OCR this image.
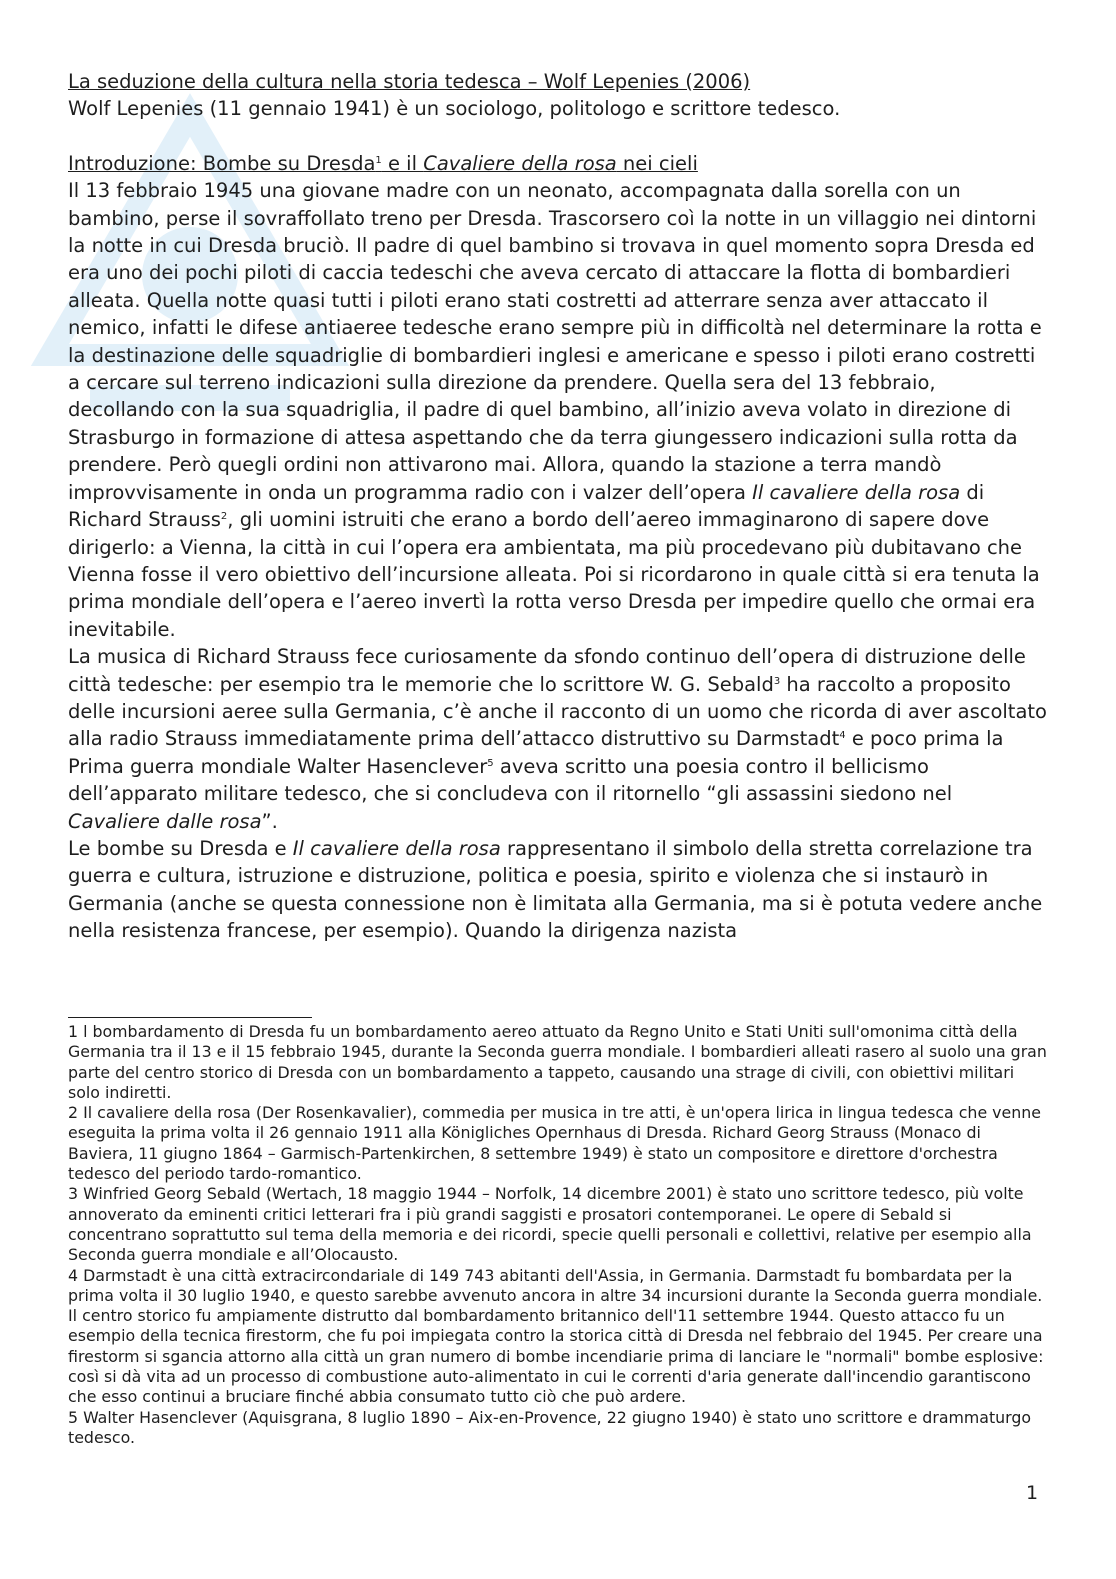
La seduzione della cultura nella storia tedesca – Wolf Lepenies (2006)

Wolf Lepenies (11 gennaio 1941) è un sociologo, politologo e scrittore tedesco.

Introduzione: Bombe su Dresda$^1$ e il Cavaliere della rosa nei cieli

Il 13 febbraio 1945 una giovane madre con un neonato, accompagnata dalla sorella con un bambino, perse il sovraffollato treno per Dresda. Trascorsero coì la notte in un villaggio nei dintorni la notte in cui Dresda bruciò. Il padre di quel bambino si trovava in quel momento sopra Dresda ed era uno dei pochi piloti di caccia tedeschi che aveva cercato di attaccare la flotta di bombardieri alleata. Quella notte quasi tutti i piloti erano stati costretti ad atterrare senza aver attaccato il nemico, infatti le difese antiaeree tedesche erano sempre più in difficoltà nel determinare la rotta e la destinazione delle squadriglie di bombardieri inglesi e americane e spesso i piloti erano costretti a cercare sul terreno indicazioni sulla direzione da prendere. Quella sera del 13 febbraio, decollando con la sua squadriglia, il padre di quel bambino, all’inizio aveva volato in direzione di Strasburgo in formazione di attesa aspettando che da terra giungessero indicazioni sulla rotta da prendere. Però quegli ordini non attivarono mai. Allora, quando la stazione a terra mandò improvvisamente in onda un programma radio con i valzer dell’opera Il cavaliere della rosa di Richard Strauss$^2$, gli uomini istruiti che erano a bordo dell’aereo immaginarono di sapere dove dirigerlo: a Vienna, la città in cui l’opera era ambientata, ma più procedevano più dubitavano che Vienna fosse il vero obiettivo dell’incursione alleata. Poi si ricordarono in quale città si era tenuta la prima mondiale dell’opera e l’aereo invertì la rotta verso Dresda per impedire quello che ormai era inevitabile.

La musica di Richard Strauss fece curiosamente da sfondo continuo dell’opera di distruzione delle città tedesche: per esempio tra le memorie che lo scrittore W. G. Sebald$^3$ ha raccolto a proposito delle incursioni aeree sulla Germania, c’è anche il racconto di un uomo che ricorda di aver ascoltato alla radio Strauss immediatamente prima dell’attacco distruttivo su Darmstadt$^4$ e poco prima la Prima guerra mondiale Walter Hasenclever$^5$ aveva scritto una poesia contro il bellicismo dell’apparato militare tedesco, che si concludeva con il ritornello “gli assassini siedono nel
Cavaliere dalle rosa”.

Le bombe su Dresda e Il cavaliere della rosa rappresentano il simbolo della stretta correlazione tra guerra e cultura, istruzione e distruzione, politica e poesia, spirito e violenza che si instaurò in Germania (anche se questa connessione non è limitata alla Germania, ma si è potuta vedere anche nella resistenza francese, per esempio). Quando la dirigenza nazista

1 l bombardamento di Dresda fu un bombardamento aereo attuato da Regno Unito e Stati Uniti sull'omonima città della Germania tra il 13 e il 15 febbraio 1945, durante la Seconda guerra mondiale. I bombardieri alleati rasero al suolo una gran parte del centro storico di Dresda con un bombardamento a tappeto, causando una strage di civili, con obiettivi militari solo indiretti.

2 Il cavaliere della rosa (Der Rosenkavalier), commedia per musica in tre atti, è un'opera lirica in lingua tedesca che venne eseguita la prima volta il 26 gennaio 1911 alla Königliches Opernhaus di Dresda. Richard Georg Strauss (Monaco di Baviera, 11 giugno 1864 – Garmisch-Partenkirchen, 8 settembre 1949) è stato un compositore e direttore d'orchestra tedesco del periodo tardo-romantico.

3 Winfried Georg Sebald (Wertach, 18 maggio 1944 – Norfolk, 14 dicembre 2001) è stato uno scrittore tedesco, più volte annoverato da eminenti critici letterari fra i più grandi saggisti e prosatori contemporanei. Le opere di Sebald si concentrano soprattutto sul tema della memoria e dei ricordi, specie quelli personali e collettivi, relative per esempio alla Seconda guerra mondiale e all’Olocausto.

4 Darmstadt è una città extracircondariale di 149 743 abitanti dell'Assia, in Germania. Darmstadt fu bombardata per la prima volta il 30 luglio 1940, e questo sarebbe avvenuto ancora in altre 34 incursioni durante la Seconda guerra mondiale. Il centro storico fu ampiamente distrutto dal bombardamento britannico dell'11 settembre 1944. Questo attacco fu un esempio della tecnica firestorm, che fu poi impiegata contro la storica città di Dresda nel febbraio del 1945. Per creare una firestorm si sgancia attorno alla città un gran numero di bombe incendiarie prima di lanciare le "normali" bombe esplosive: così si dà vita ad un processo di combustione auto-alimentato in cui le correnti d'aria generate dall'incendio garantiscono che esso continui a bruciare finché abbia consumato tutto ciò che può ardere.

5 Walter Hasenclever (Aquisgrana, 8 luglio 1890 – Aix-en-Provence, 22 giugno 1940) è stato uno scrittore e drammaturgo tedesco.

1
